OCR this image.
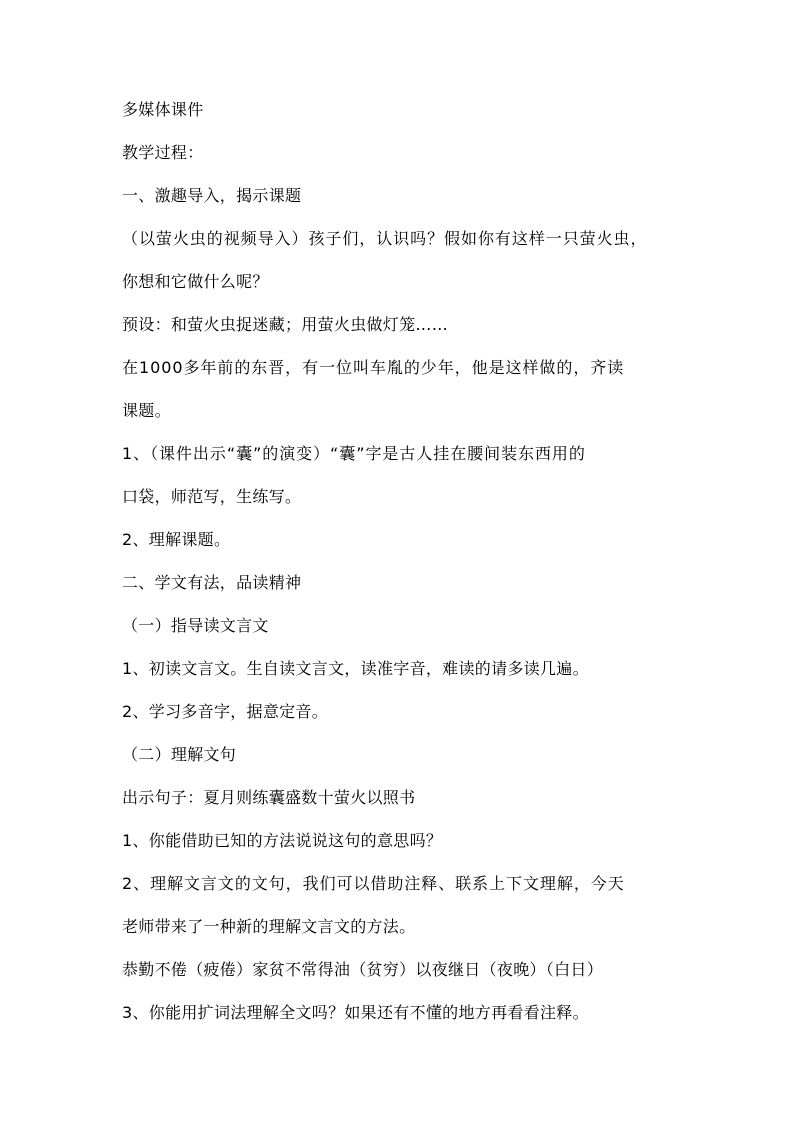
多媒体课件
教学过程：
一、激趣导入，揭示课题
（以萤火虫的视频导入）孩子们，认识吗？假如你有这样一只萤火虫，
你想和它做什么呢？
预设：和萤火虫捉迷藏；用萤火虫做灯笼……
在1000多年前的东晋，有一位叫车胤的少年，他是这样做的，齐读
课题。
1、（课件出示“囊”的演变）“囊”字是古人挂在腰间装东西用的
口袋，师范写，生练写。
2、理解课题。
二、学文有法，品读精神
（一）指导读文言文
1、初读文言文。生自读文言文，读准字音，难读的请多读几遍。
2、学习多音字，据意定音。
（二）理解文句
出示句子：夏月则练囊盛数十萤火以照书
1、你能借助已知的方法说说这句的意思吗？
2、理解文言文的文句，我们可以借助注释、联系上下文理解，今天
老师带来了一种新的理解文言文的方法。
恭勤不倦（疲倦）家贫不常得油（贫穷）以夜继日（夜晚）（白日）
3、你能用扩词法理解全文吗？如果还有不懂的地方再看看注释。
